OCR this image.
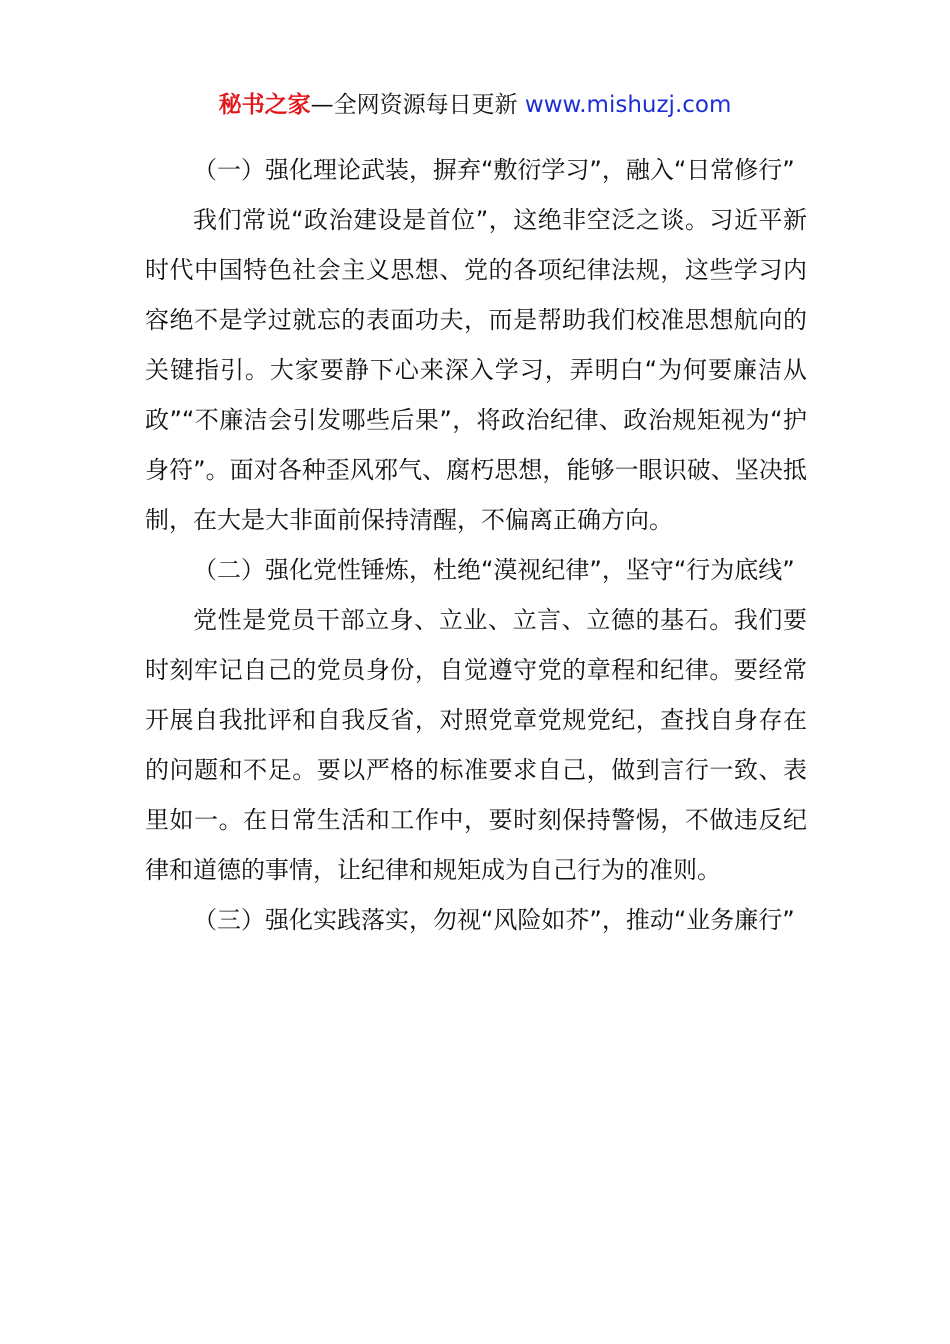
秘书之家—全网资源每日更新 www.mishuzj.com

（一）强化理论武装，摒弃“敷衍学习”，融入“日常修行”

我们常说“政治建设是首位”，这绝非空泛之谈。习近平新时代中国特色社会主义思想、党的各项纪律法规，这些学习内容绝不是学过就忘的表面功夫，而是帮助我们校准思想航向的关键指引。大家要静下心来深入学习，弄明白“为何要廉洁从政”“不廉洁会引发哪些后果”，将政治纪律、政治规矩视为“护身符”。面对各种歪风邪气、腐朽思想，能够一眼识破、坚决抵制，在大是大非面前保持清醒，不偏离正确方向。

（二）强化党性锤炼，杜绝“漠视纪律”，坚守“行为底线”

党性是党员干部立身、立业、立言、立德的基石。我们要时刻牢记自己的党员身份，自觉遵守党的章程和纪律。要经常开展自我批评和自我反省，对照党章党规党纪，查找自身存在的问题和不足。要以严格的标准要求自己，做到言行一致、表里如一。在日常生活和工作中，要时刻保持警惕，不做违反纪律和道德的事情，让纪律和规矩成为自己行为的准则。

（三）强化实践落实，勿视“风险如芥”，推动“业务廉行”
